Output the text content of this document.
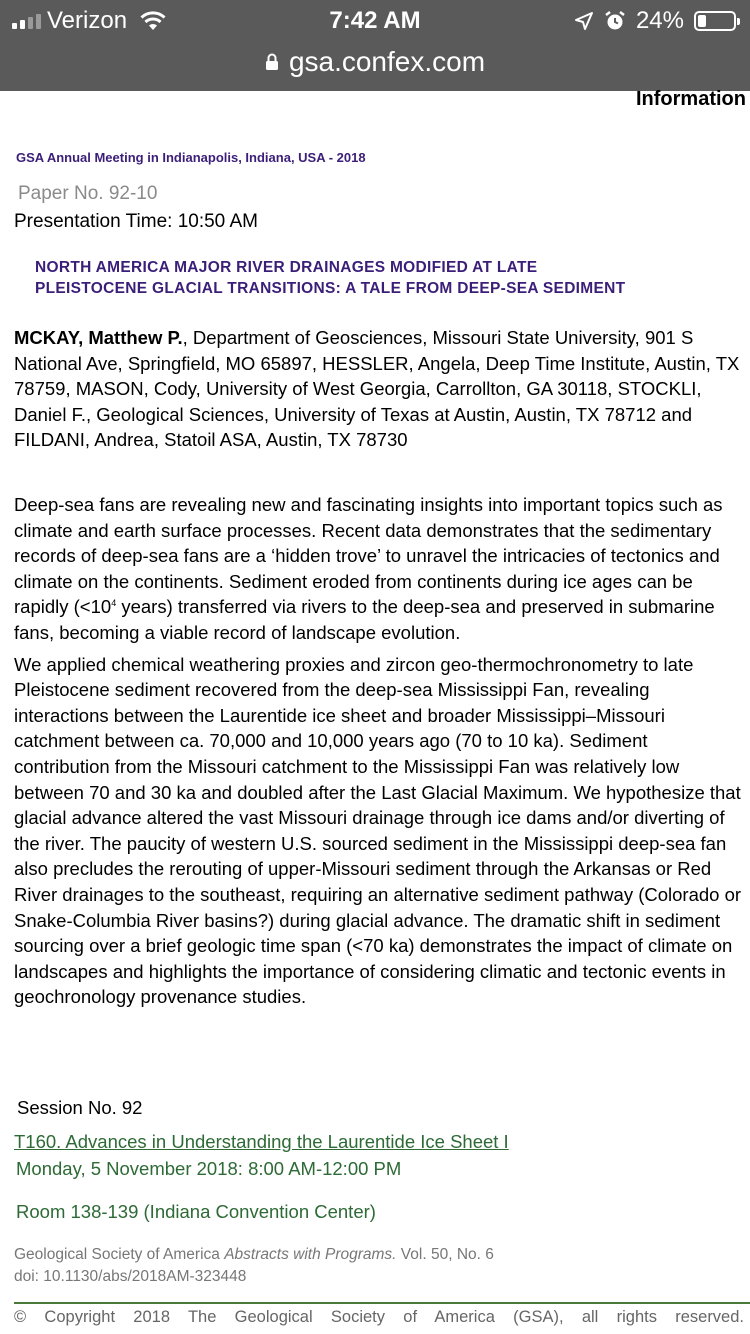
Verizon	7:42 AM	24%
gsa.confex.com
Information
GSA Annual Meeting in Indianapolis, Indiana, USA - 2018
Paper No. 92-10
Presentation Time: 10:50 AM
NORTH AMERICA MAJOR RIVER DRAINAGES MODIFIED AT LATE
PLEISTOCENE GLACIAL TRANSITIONS: A TALE FROM DEEP-SEA SEDIMENT
MCKAY, Matthew P., Department of Geosciences, Missouri State University, 901 S National Ave, Springfield, MO 65897, HESSLER, Angela, Deep Time Institute, Austin, TX 78759, MASON, Cody, University of West Georgia, Carrollton, GA 30118, STOCKLI, Daniel F., Geological Sciences, University of Texas at Austin, Austin, TX 78712 and FILDANI, Andrea, Statoil ASA, Austin, TX 78730

Deep-sea fans are revealing new and fascinating insights into important topics such as climate and earth surface processes. Recent data demonstrates that the sedimentary records of deep-sea fans are a ‘hidden trove’ to unravel the intricacies of tectonics and climate on the continents. Sediment eroded from continents during ice ages can be rapidly ($<10^4$ years) transferred via rivers to the deep-sea and preserved in submarine fans, becoming a viable record of landscape evolution.

We applied chemical weathering proxies and zircon geo-thermochronometry to late Pleistocene sediment recovered from the deep-sea Mississippi Fan, revealing interactions between the Laurentide ice sheet and broader Mississippi–Missouri catchment between ca. 70,000 and 10,000 years ago (70 to 10 ka). Sediment contribution from the Missouri catchment to the Mississippi Fan was relatively low between 70 and 30 ka and doubled after the Last Glacial Maximum. We hypothesize that glacial advance altered the vast Missouri drainage through ice dams and/or diverting of the river. The paucity of western U.S. sourced sediment in the Mississippi deep-sea fan also precludes the rerouting of upper-Missouri sediment through the Arkansas or Red River drainages to the southeast, requiring an alternative sediment pathway (Colorado or Snake-Columbia River basins?) during glacial advance. The dramatic shift in sediment sourcing over a brief geologic time span (<70 ka) demonstrates the impact of climate on landscapes and highlights the importance of considering climatic and tectonic events in geochronology provenance studies.

Session No. 92
T160. Advances in Understanding the Laurentide Ice Sheet I
Monday, 5 November 2018: 8:00 AM-12:00 PM
Room 138-139 (Indiana Convention Center)
Geological Society of America Abstracts with Programs. Vol. 50, No. 6
doi: 10.1130/abs/2018AM-323448
© Copyright 2018 The Geological Society of America (GSA), all rights reserved.
